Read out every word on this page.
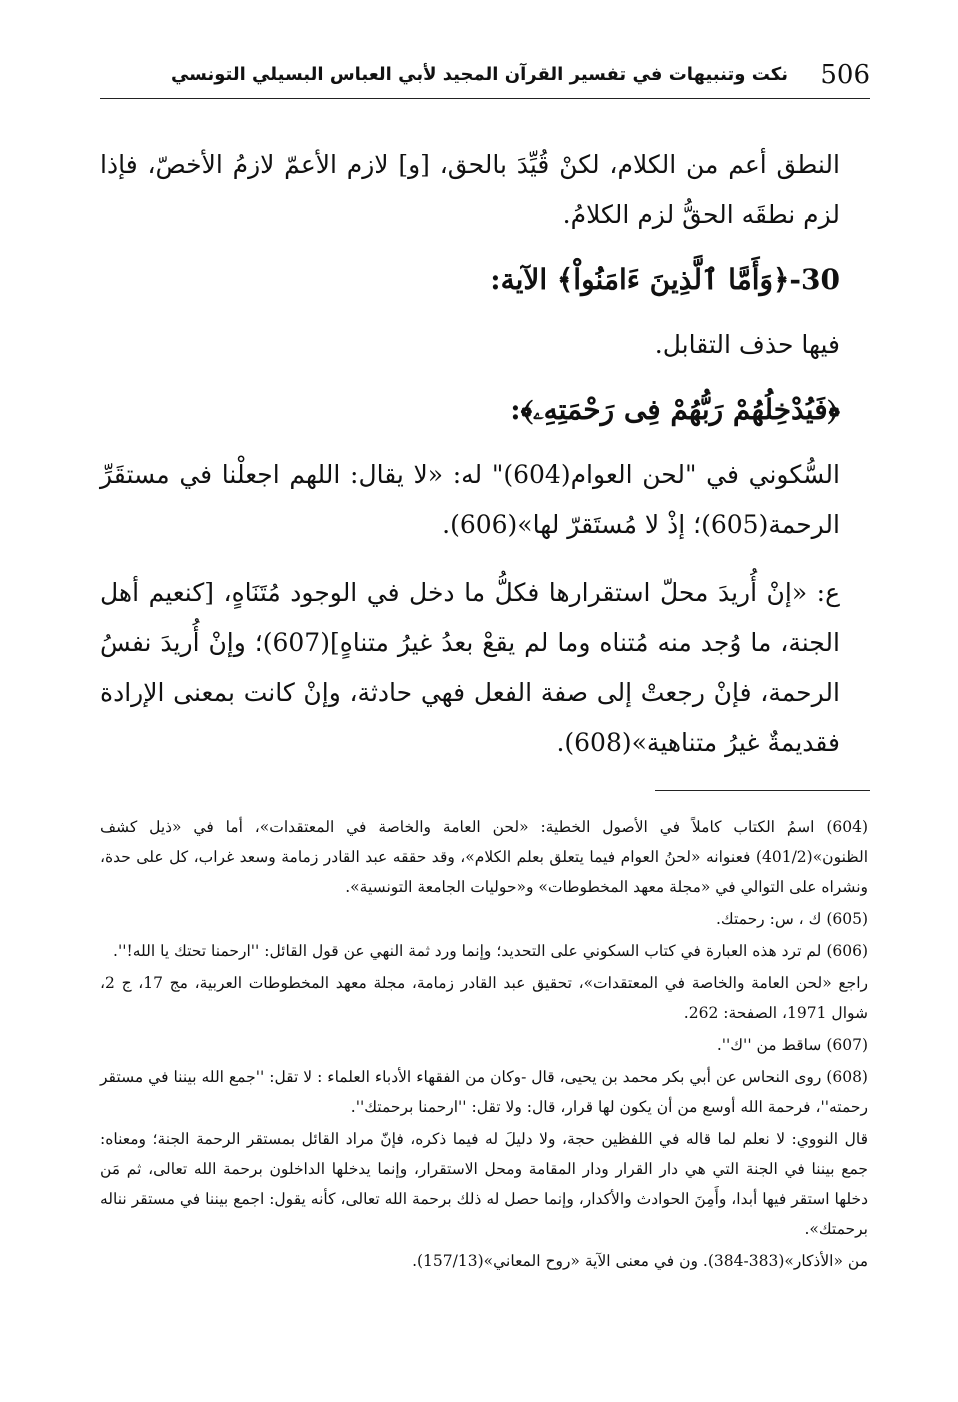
506
نكت وتنبيهات في تفسير القرآن المجيد لأبي العباس البسيلي التونسي

النطق أعم من الكلام، لكنْ قُيِّدَ بالحق، [و] لازم الأعمّ لازمُ الأخصّ، فإذا لزم نطقَه الحقُّ لزم الكلامُ.

30-﴿وَأَمَّا ٱلَّذِينَ ءَامَنُواْ﴾ الآية:

فيها حذف التقابل.

﴿فَيُدْخِلُهُمْ رَبُّهُمْ فِى رَحْمَتِهِۦ﴾:

السُّكوني في "لحن العوام(604)" له: «لا يقال: اللهم اجعلْنا في مستقَرِّ الرحمة(605)؛ إذْ لا مُستَقرّ لها»(606).

ع: «إنْ أُريدَ محلّ استقرارها فكلُّ ما دخل في الوجود مُتَنَاهٍ، [كنعيم أهل الجنة، ما وُجد منه مُتناه وما لم يقعْ بعدُ غيرُ متناهٍ](607)؛ وإنْ أُريدَ نفسُ الرحمة، فإنْ رجعتْ إلى صفة الفعل فهي حادثة، وإنْ كانت بمعنى الإرادة فقديمةٌ غيرُ متناهية»(608).

(604) اسمُ الكتاب كاملاً في الأصول الخطية: «لحن العامة والخاصة في المعتقدات»، أما في «ذيل كشف الظنون»(401/2) فعنوانه «لحنُ العوام فيما يتعلق بعلم الكلام»، وقد حققه عبد القادر زمامة وسعد غراب، كل على حدة، ونشراه على التوالي في «مجلة معهد المخطوطات» و«حوليات الجامعة التونسية».

(605) ك ، س: رحمتك.

(606) لم ترد هذه العبارة في كتاب السكوني على التحديد؛ وإنما ورد ثمة النهي عن قول القائل: ''ارحمنا تحتك يا الله!''.

راجع «لحن العامة والخاصة في المعتقدات»، تحقيق عبد القادر زمامة، مجلة معهد المخطوطات العربية، مج 17، ج 2، شوال 1971، الصفحة: 262.

(607) ساقط من ''ك''.

(608) روى النحاس عن أبي بكر محمد بن يحيى، قال -وكان من الفقهاء الأدباء العلماء : لا تقل: ''جمع الله بيننا في مستقر رحمته''، فرحمة الله أوسع من أن يكون لها قرار، قال: ولا تقل: ''ارحمنا برحمتك''.

قال النووي: لا نعلم لما قاله في اللفظين حجة، ولا دليلَ له فيما ذكره، فإنّ مراد القائل بمستقر الرحمة الجنة؛ ومعناه: جمع بيننا في الجنة التي هي دار القرار ودار المقامة ومحل الاستقرار، وإنما يدخلها الداخلون برحمة الله تعالى، ثم مَن دخلها استقر فيها أبدا، وأَمِنَ الحوادث والأكدار، وإنما حصل له ذلك برحمة الله تعالى، كأنه يقول: اجمع بيننا في مستقر نناله برحمتك».

من «الأذكار»(383-384). ون في معنى الآية «روح المعاني»(157/13).
